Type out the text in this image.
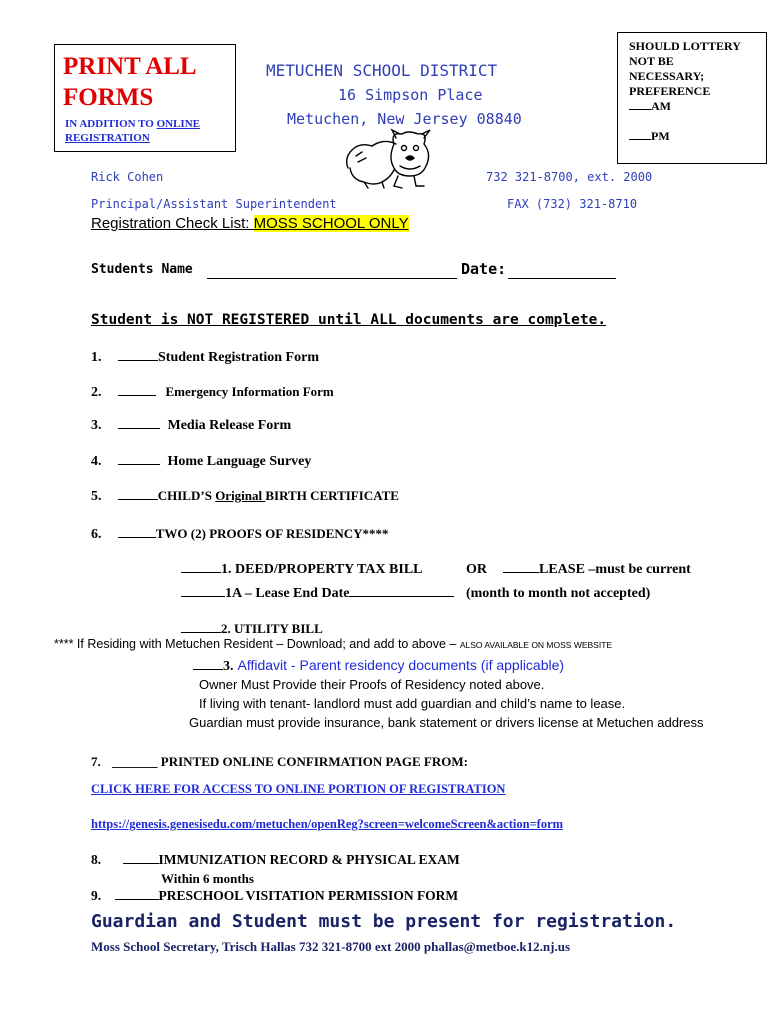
PRINT ALL
FORMS
IN ADDITION TO ONLINE
REGISTRATION
SHOULD LOTTERY
NOT BE
NECESSARY;
PREFERENCE
AM
PM
METUCHEN SCHOOL DISTRICT
16 Simpson Place
Metuchen, New Jersey 08840
Rick Cohen
Principal/Assistant Superintendent
732 321-8700, ext. 2000
FAX (732) 321-8710
Registration Check List: MOSS SCHOOL ONLY
Students Name	Date:
Student is NOT REGISTERED until ALL documents are complete.
1.	Student Registration Form
2.	Emergency Information Form
3.	Media Release Form
4.	Home Language Survey
5.	CHILD’S Original BIRTH CERTIFICATE
6.	TWO (2) PROOFS OF RESIDENCY****
1. DEED/PROPERTY TAX BILL	OR	LEASE –must be current
1A – Lease End Date	(month to month not accepted)
2. UTILITY BILL
**** If Residing with Metuchen Resident – Download; and add to above – ALSO AVAILABLE ON MOSS WEBSITE
3. Affidavit - Parent residency documents (if applicable)
Owner Must Provide their Proofs of Residency noted above.
If living with tenant- landlord must add guardian and child’s name to lease.
Guardian must provide insurance, bank statement or drivers license at Metuchen address
7. _______ PRINTED ONLINE CONFIRMATION PAGE FROM:
CLICK HERE FOR ACCESS TO ONLINE PORTION OF REGISTRATION
https://genesis.genesisedu.com/metuchen/openReg?screen=welcomeScreen&action=form
8.	IMMUNIZATION RECORD & PHYSICAL EXAM
Within 6 months
9.	PRESCHOOL VISITATION PERMISSION FORM
Guardian and Student must be present for registration.
Moss School Secretary, Trisch Hallas 732 321-8700 ext 2000 phallas@metboe.k12.nj.us
